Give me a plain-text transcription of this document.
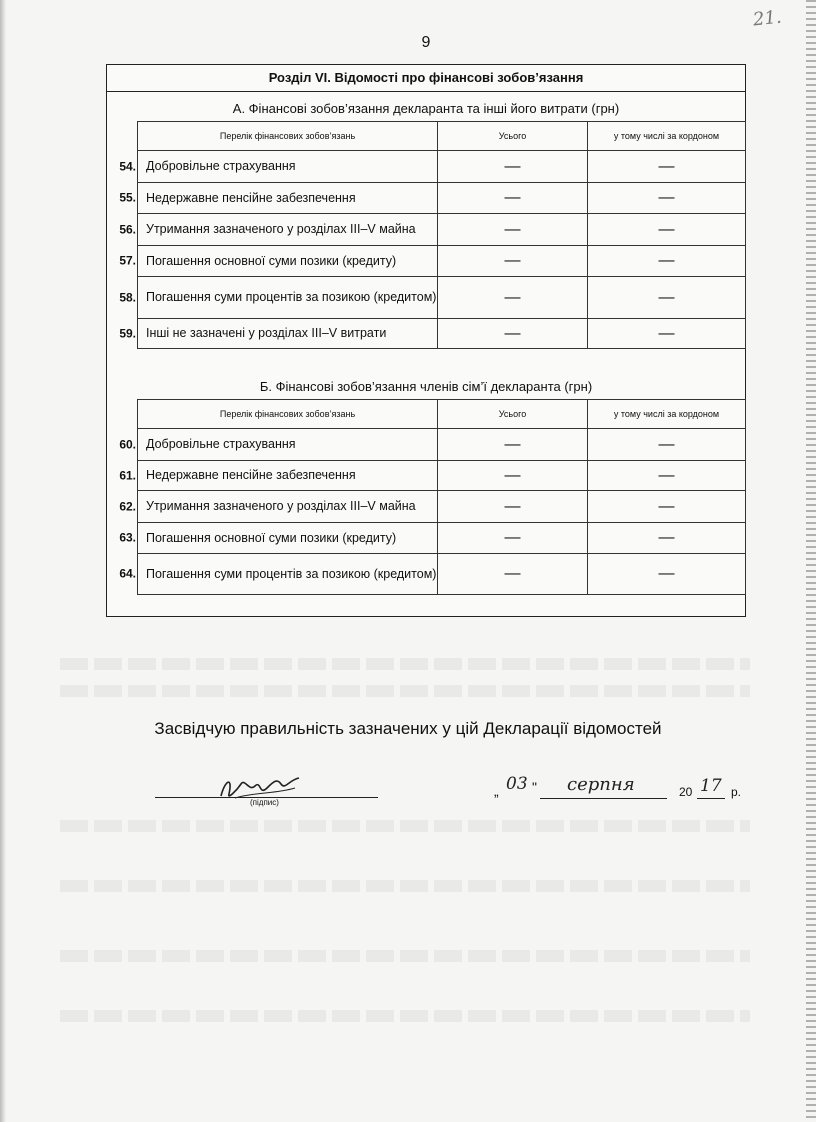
21.
9
Розділ VI. Відомості про фінансові зобов’язання
А. Фінансові зобов’язання декларанта та інші його витрати (грн)
Перелік фінансових зобов’язань	Усього	у тому числі за кордоном

54. Добровільне страхування	—	—

55. Недержавне пенсійне забезпечення	—	—

56. Утримання зазначеного у розділах III–V майна	—	—

57. Погашення основної суми позики (кредиту)	—	—

58. Погашення суми процентів за позикою (кредитом)	—	—

59. Інші не зазначені у розділах III–V витрати	—	—
Б. Фінансові зобов’язання членів сім’ї декларанта (грн)
Перелік фінансових зобов’язань	Усього	у тому числі за кордоном

60. Добровільне страхування	—	—

61. Недержавне пенсійне забезпечення	—	—

62. Утримання зазначеного у розділах III–V майна	—	—

63. Погашення основної суми позики (кредиту)	—	—

64. Погашення суми процентів за позикою (кредитом)	—	—
Засвідчую правильність зазначених у цій Декларації відомостей
(підпис)
„ 03 " серпня	20 17 р.
